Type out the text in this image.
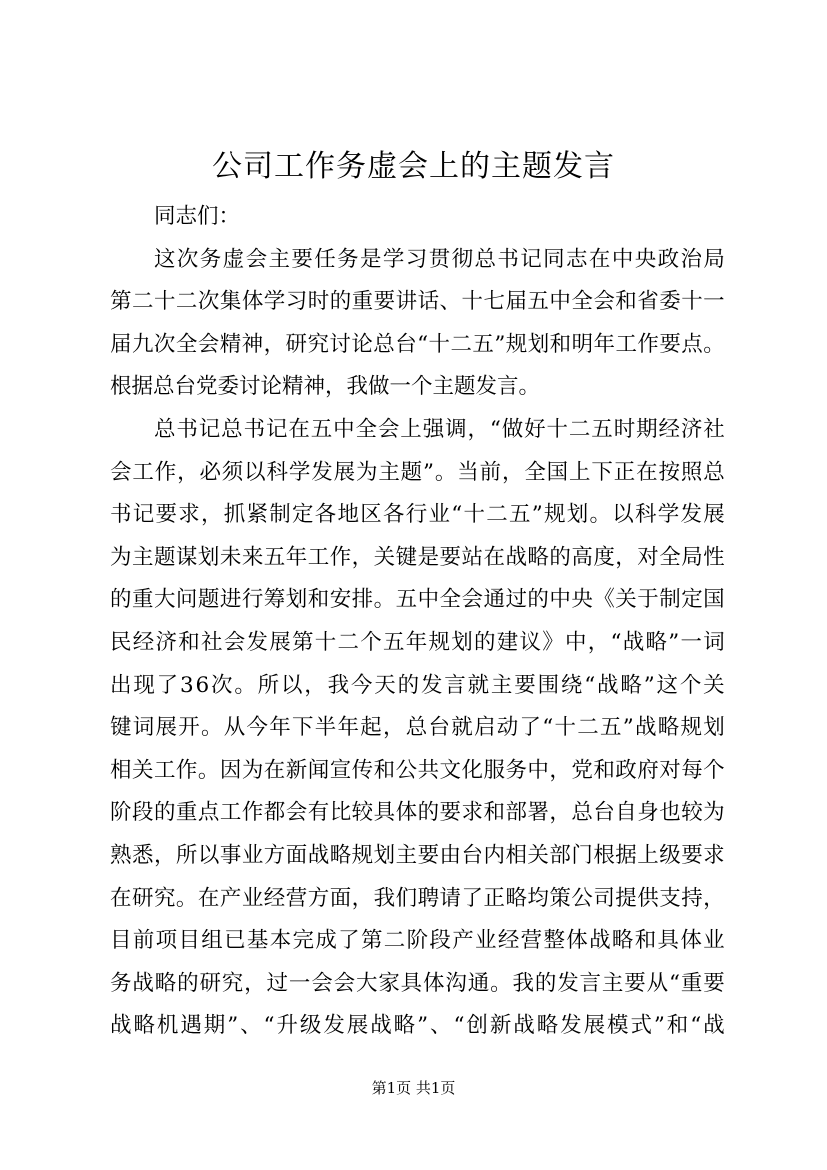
公司工作务虚会上的主题发言
同志们：
这 次 务 虚 会 主 要 任 务 是 学 习 贯 彻 总 书 记 同 志 在 中 央 政 治 局
第 二 十 二 次 集 体 学 习 时 的 重 要 讲 话 、 十 七 届 五 中 全 会 和 省 委 十 一
届 九 次 全 会 精 神 ， 研 究 讨 论 总 台 “ 十 二 五 ” 规 划 和 明 年 工 作 要 点 。
根据总台党委讨论精神，我做一个主题发言。
总 书 记 总 书 记 在 五 中 全 会 上 强 调 ， “ 做 好 十 二 五 时 期 经 济 社
会 工 作 ， 必 须 以 科 学 发 展 为 主 题 ” 。 当 前 ， 全 国 上 下 正 在 按 照 总
书 记 要 求 ， 抓 紧 制 定 各 地 区 各 行 业 “ 十 二 五 ” 规 划 。 以 科 学 发 展
为 主 题 谋 划 未 来 五 年 工 作 ， 关 键 是 要 站 在 战 略 的 高 度 ， 对 全 局 性
的 重 大 问 题 进 行 筹 划 和 安 排 。 五 中 全 会 通 过 的 中 央 《 关 于 制 定 国
民 经 济 和 社 会 发 展 第 十 二 个 五 年 规 划 的 建 议 》 中 ， “ 战 略 ” 一 词
出 现 了 3 6 次 。 所 以 ， 我 今 天 的 发 言 就 主 要 围 绕 “ 战 略 ” 这 个 关
键 词 展 开 。 从 今 年 下 半 年 起 ， 总 台 就 启 动 了 “ 十 二 五 ” 战 略 规 划
相 关 工 作 。 因 为 在 新 闻 宣 传 和 公 共 文 化 服 务 中 ， 党 和 政 府 对 每 个
阶 段 的 重 点 工 作 都 会 有 比 较 具 体 的 要 求 和 部 署 ， 总 台 自 身 也 较 为
熟 悉 ， 所 以 事 业 方 面 战 略 规 划 主 要 由 台 内 相 关 部 门 根 据 上 级 要 求
在 研 究 。 在 产 业 经 营 方 面 ， 我 们 聘 请 了 正 略 均 策 公 司 提 供 支 持 ，
目 前 项 目 组 已 基 本 完 成 了 第 二 阶 段 产 业 经 营 整 体 战 略 和 具 体 业
务 战 略 的 研 究 ， 过 一 会 会 大 家 具 体 沟 通 。 我 的 发 言 主 要 从 “ 重 要
战 略 机 遇 期 ” 、 “ 升 级 发 展 战 略 ” 、 “ 创 新 战 略 发 展 模 式 ” 和 “ 战
第1页 共1页
